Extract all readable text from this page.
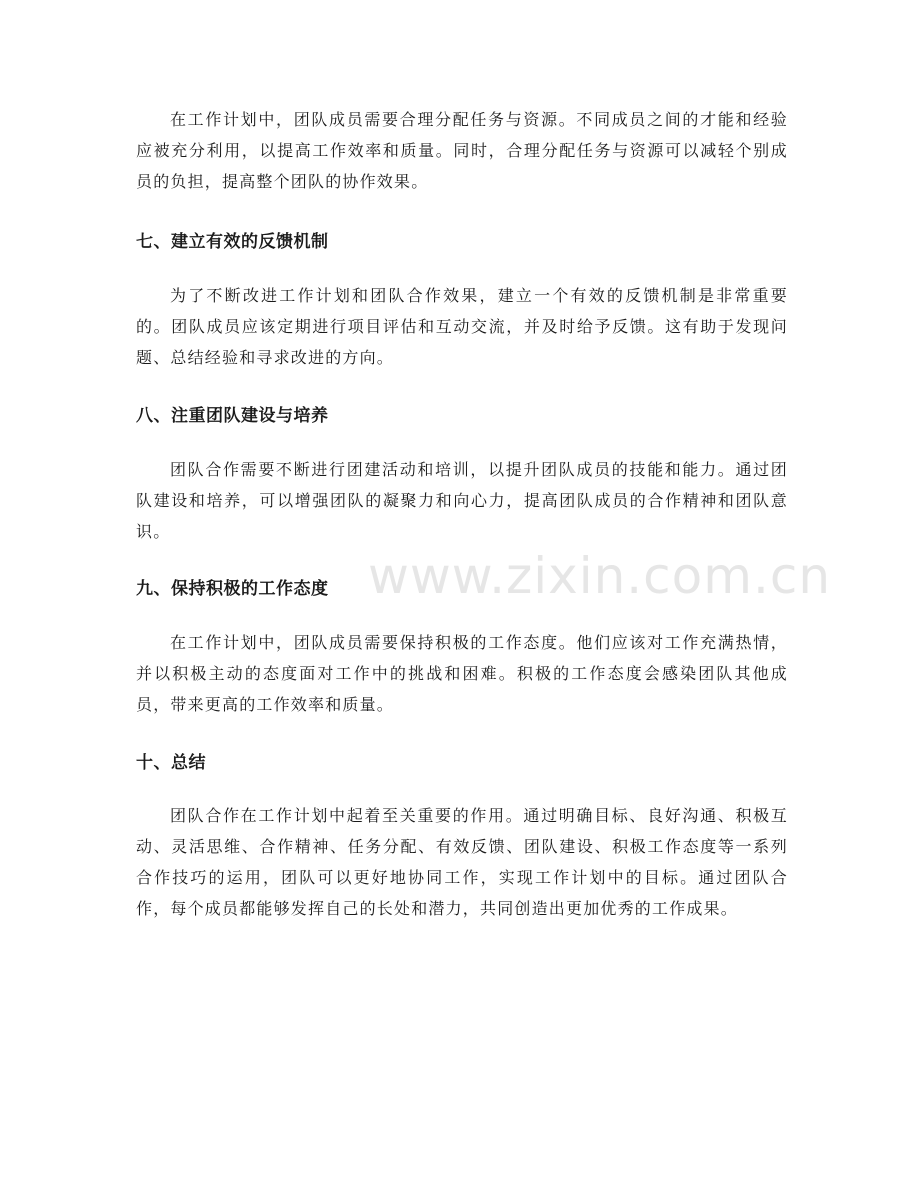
www.zixin.com.cn

在工作计划中，团队成员需要合理分配任务与资源。不同成员之间的才能和经验应被充分利用，以提高工作效率和质量。同时，合理分配任务与资源可以减轻个别成员的负担，提高整个团队的协作效果。

七、建立有效的反馈机制

为了不断改进工作计划和团队合作效果，建立一个有效的反馈机制是非常重要的。团队成员应该定期进行项目评估和互动交流，并及时给予反馈。这有助于发现问题、总结经验和寻求改进的方向。

八、注重团队建设与培养

团队合作需要不断进行团建活动和培训，以提升团队成员的技能和能力。通过团队建设和培养，可以增强团队的凝聚力和向心力，提高团队成员的合作精神和团队意识。

九、保持积极的工作态度

在工作计划中，团队成员需要保持积极的工作态度。他们应该对工作充满热情，并以积极主动的态度面对工作中的挑战和困难。积极的工作态度会感染团队其他成员，带来更高的工作效率和质量。

十、总结

团队合作在工作计划中起着至关重要的作用。通过明确目标、良好沟通、积极互动、灵活思维、合作精神、任务分配、有效反馈、团队建设、积极工作态度等一系列合作技巧的运用，团队可以更好地协同工作，实现工作计划中的目标。通过团队合作，每个成员都能够发挥自己的长处和潜力，共同创造出更加优秀的工作成果。
